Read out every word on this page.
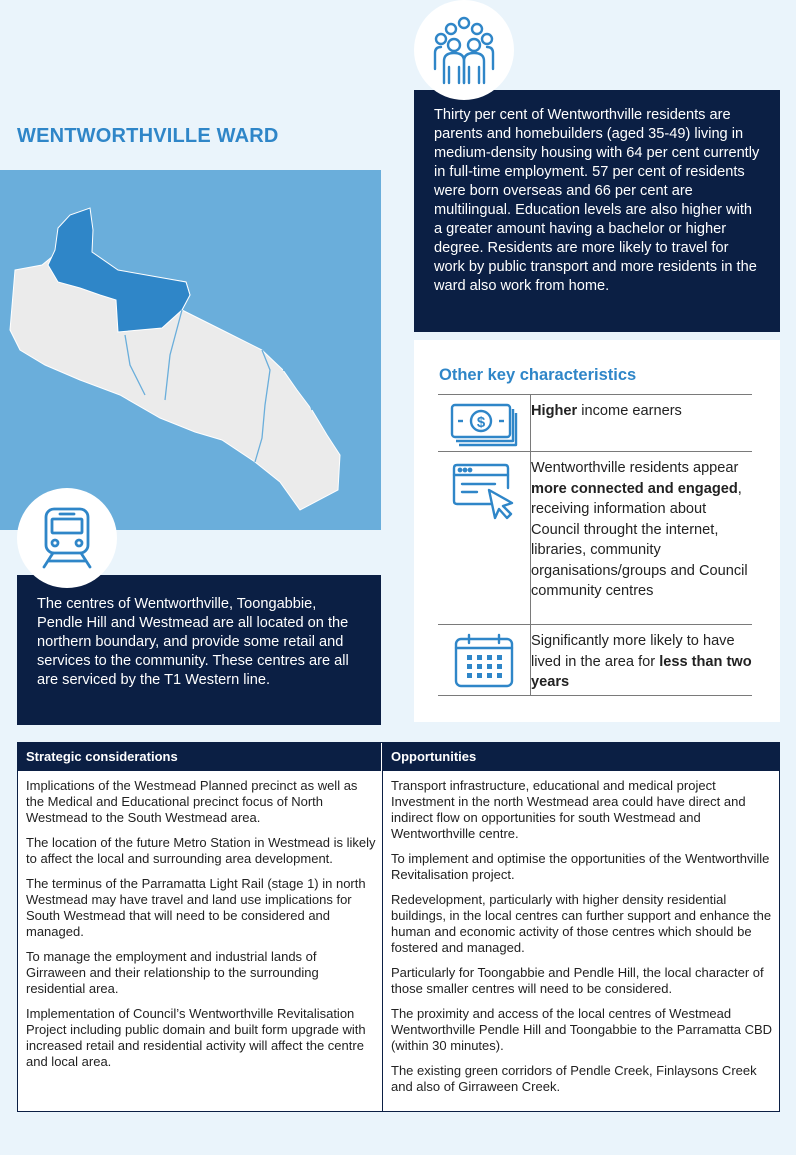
WENTWORTHVILLE WARD
Thirty per cent of Wentworthville residents are parents and homebuilders (aged 35-49) living in medium-density housing with 64 per cent currently in full-time employment. 57 per cent of residents were born overseas and 66 per cent are multilingual. Education levels are also higher with a greater amount having a bachelor or higher degree. Residents are more likely to travel for work by public transport and more residents in the ward also work from home.
The centres of Wentworthville, Toongabbie, Pendle Hill and Westmead are all located on the northern boundary, and provide some retail and services to the community. These centres are all are serviced by the T1 Western line.
Other key characteristics
$
Higher income earners
Wentworthville residents appear more connected and engaged, receiving information about Council throught the internet, libraries, community organisations/groups and Council community centres
Significantly more likely to have lived in the area for less than two years
Strategic considerations

Implications of the Westmead Planned precinct as well as the Medical and Educational precinct focus of North Westmead to the South Westmead area.

The location of the future Metro Station in Westmead is likely to affect the local and surrounding area development.

The terminus of the Parramatta Light Rail (stage 1) in north Westmead may have travel and land use implications for South Westmead that will need to be considered and managed.

To manage the employment and industrial lands of Girraween and their relationship to the surrounding residential area.

Implementation of Council’s Wentworthville Revitalisation Project including public domain and built form upgrade with increased retail and residential activity will affect the centre and local area.

Opportunities

Transport infrastructure, educational and medical project Investment in the north Westmead area could have direct and indirect flow on opportunities for south Westmead and Wentworthville centre.

To implement and optimise the opportunities of the Wentworthville Revitalisation project.

Redevelopment, particularly with higher density residential buildings, in the local centres can further support and enhance the human and economic activity of those centres which should be fostered and managed.

Particularly for Toongabbie and Pendle Hill, the local character of those smaller centres will need to be considered.

The proximity and access of the local centres of Westmead Wentworthville Pendle Hill and Toongabbie to the Parramatta CBD (within 30 minutes).

The existing green corridors of Pendle Creek, Finlaysons Creek and also of Girraween Creek.
